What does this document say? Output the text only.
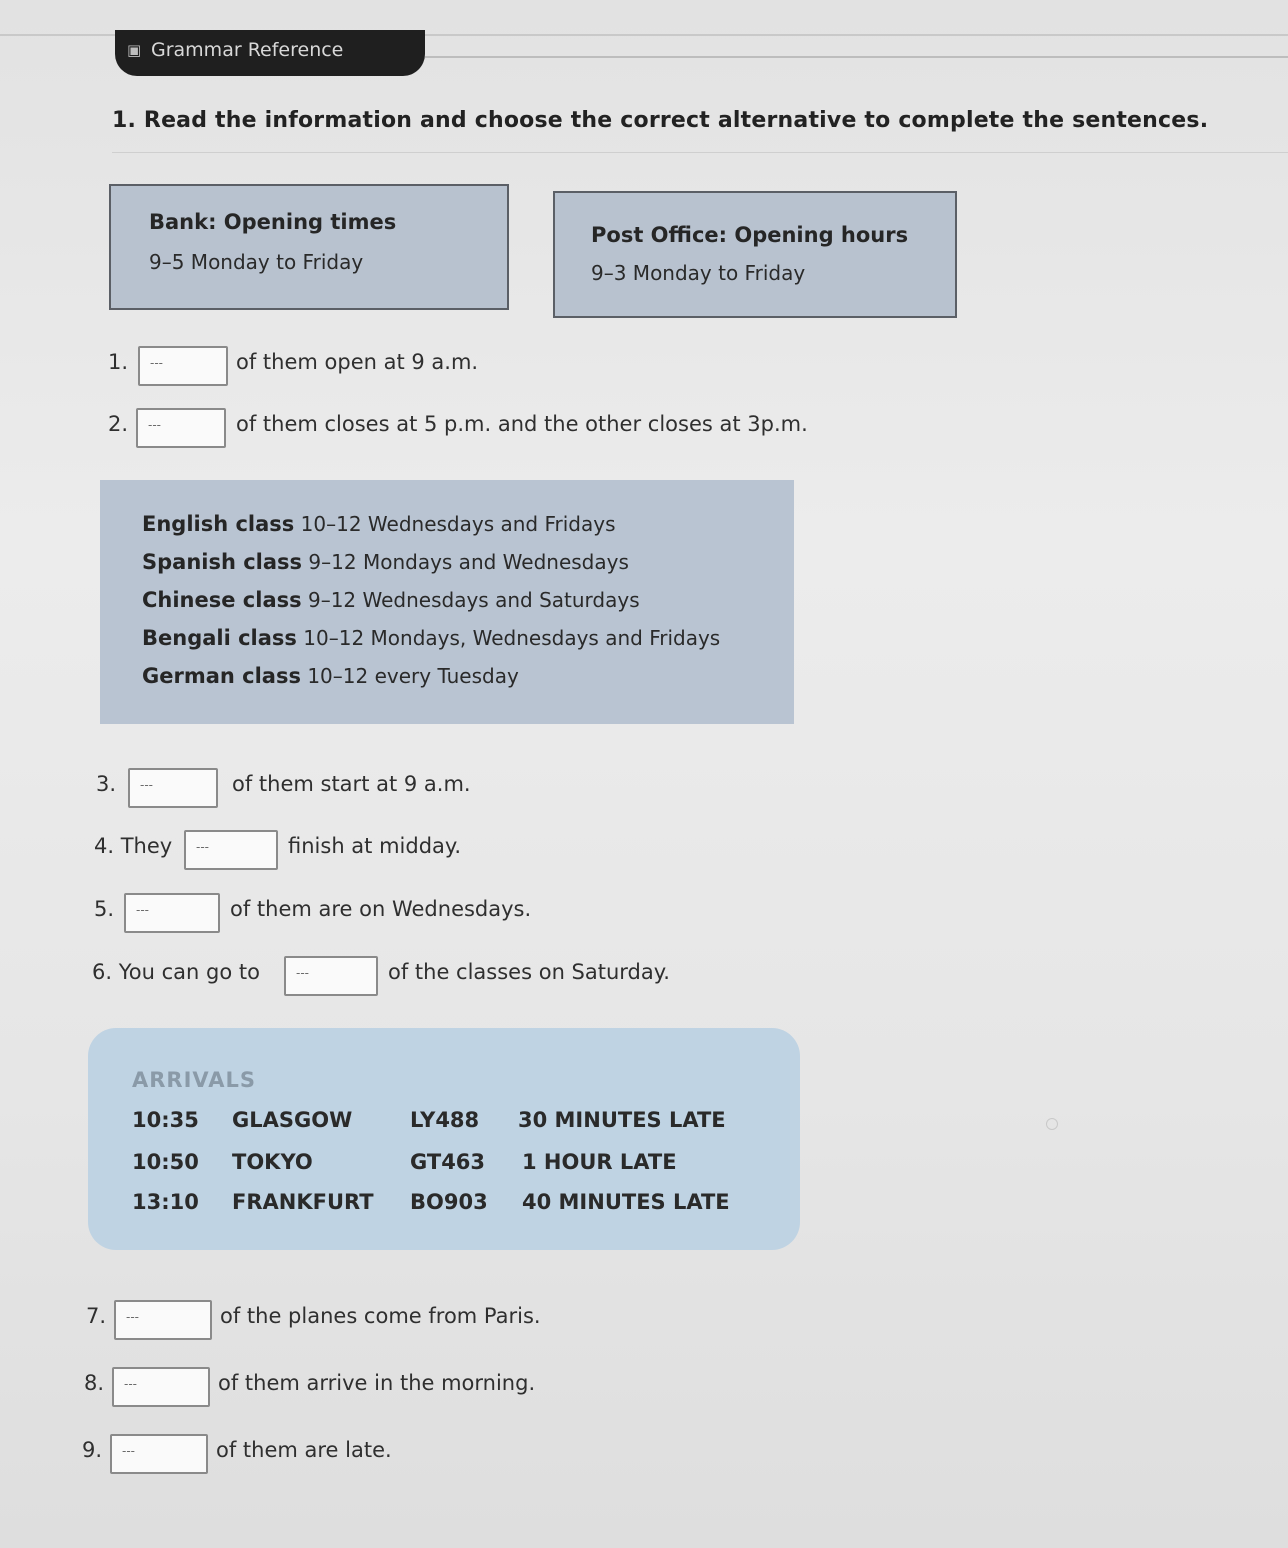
▣ Grammar Reference
1. Read the information and choose the correct alternative to complete the sentences.
Bank: Opening times
9–5 Monday to Friday
Post Office: Opening hours
9–3 Monday to Friday
1.	---	of them open at 9 a.m.
2.	---	of them closes at 5 p.m. and the other closes at 3p.m.
English class 10–12 Wednesdays and Fridays
Spanish class 9–12 Mondays and Wednesdays
Chinese class 9–12 Wednesdays and Saturdays
Bengali class 10–12 Mondays, Wednesdays and Fridays
German class 10–12 every Tuesday
3.	---	of them start at 9 a.m.
4. They	---	finish at midday.
5.	---	of them are on Wednesdays.
6. You can go to	---	of the classes on Saturday.
ARRIVALS
10:35 GLASGOW	LY488 30 MINUTES LATE
10:50 TOKYO	GT463 1 HOUR LATE
13:10 FRANKFURT BO903 40 MINUTES LATE
7.	---	of the planes come from Paris.
8.	---	of them arrive in the morning.
9.	---	of them are late.
